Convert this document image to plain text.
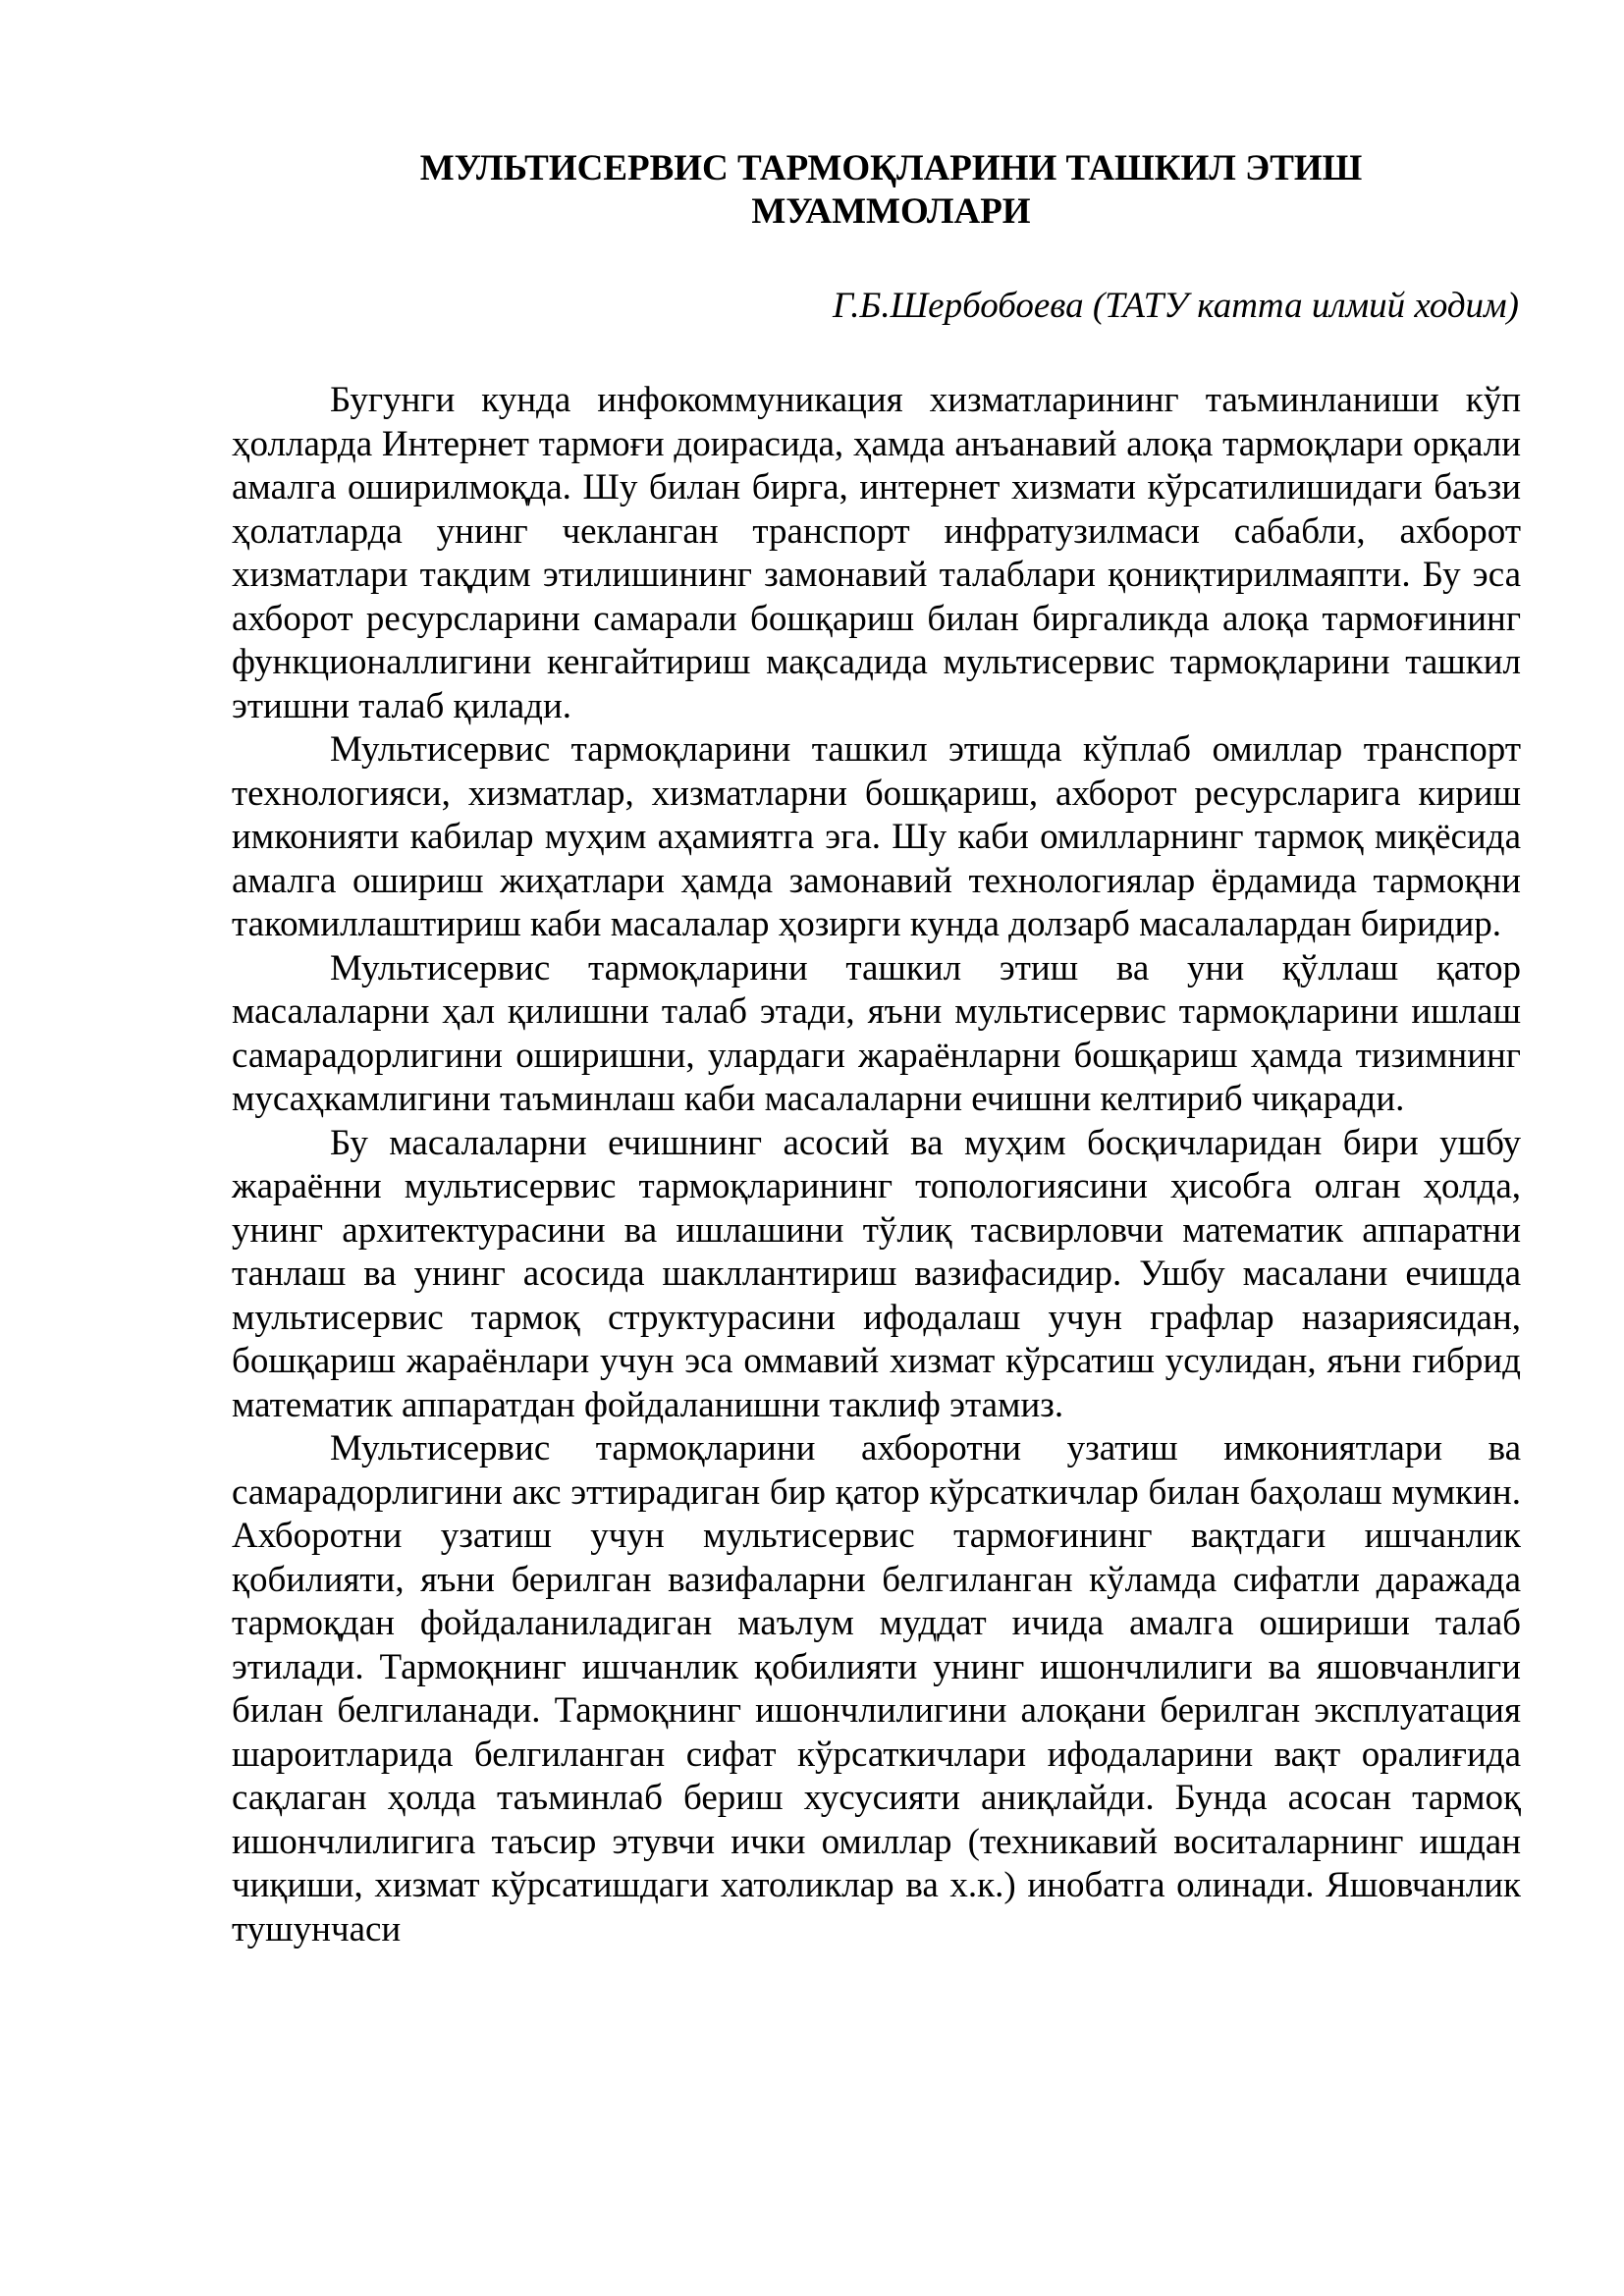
МУЛЬТИСЕРВИС ТАРМОҚЛАРИНИ ТАШКИЛ ЭТИШ
МУАММОЛАРИ

Г.Б.Шербобоева (ТАТУ катта илмий ходим)

Бугунги кунда инфокоммуникация хизматларининг таъминланиши кўп ҳолларда Интернет тармоғи доирасида, ҳамда анъанавий алоқа тармоқлари орқали амалга оширилмоқда. Шу билан бирга, интернет хизмати кўрсатилишидаги баъзи ҳолатларда унинг чекланган транспорт инфратузилмаси сабабли, ахборот хизматлари тақдим этилишининг замонавий талаблари қониқтирилмаяпти. Бу эса ахборот ресурсларини самарали бошқариш билан биргаликда алоқа тармоғининг функционаллигини кенгайтириш мақсадида мультисервис тармоқларини ташкил этишни талаб қилади.

Мультисервис тармоқларини ташкил этишда кўплаб омиллар транспорт технологияси, хизматлар, хизматларни бошқариш, ахборот ресурсларига кириш имконияти кабилар муҳим аҳамиятга эга. Шу каби омилларнинг тармоқ миқёсида амалга ошириш жиҳатлари ҳамда замонавий технологиялар ёрдамида тармоқни такомиллаштириш каби масалалар ҳозирги кунда долзарб масалалардан биридир.

Мультисервис тармоқларини ташкил этиш ва уни қўллаш қатор масалаларни ҳал қилишни талаб этади, яъни мультисервис тармоқларини ишлаш самарадорлигини оширишни, улардаги жараёнларни бошқариш ҳамда тизимнинг мусаҳкамлигини таъминлаш каби масалаларни ечишни келтириб чиқаради.

Бу масалаларни ечишнинг асосий ва муҳим босқичларидан бири ушбу жараённи мультисервис тармоқларининг топологиясини ҳисобга олган ҳолда, унинг архитектурасини ва ишлашини тўлиқ тасвирловчи математик аппаратни танлаш ва унинг асосида шакллантириш вазифасидир. Ушбу масалани ечишда мультисервис тармоқ структурасини ифодалаш учун графлар назариясидан, бошқариш жараёнлари учун эса оммавий хизмат кўрсатиш усулидан, яъни гибрид математик аппаратдан фойдаланишни таклиф этамиз.

Мультисервис тармоқларини ахборотни узатиш имкониятлари ва самарадорлигини акс эттирадиган бир қатор кўрсаткичлар билан баҳолаш мумкин. Ахборотни узатиш учун мультисервис тармоғининг вақтдаги ишчанлик қобилияти, яъни берилган вазифаларни белгиланган кўламда сифатли даражада тармоқдан фойдаланиладиган маълум муддат ичида амалга ошириши талаб этилади. Тармоқнинг ишчанлик қобилияти унинг ишончлилиги ва яшовчанлиги билан белгиланади. Тармоқнинг ишончлилигини алоқани берилган эксплуатация шароитларида белгиланган сифат кўрсаткичлари ифодаларини вақт оралиғида сақлаган ҳолда таъминлаб бериш хусусияти аниқлайди. Бунда асосан тармоқ ишончлилигига таъсир этувчи ички омиллар (техникавий воситаларнинг ишдан чиқиши, хизмат кўрсатишдаги хатоликлар ва х.к.) инобатга олинади. Яшовчанлик тушунчаси
